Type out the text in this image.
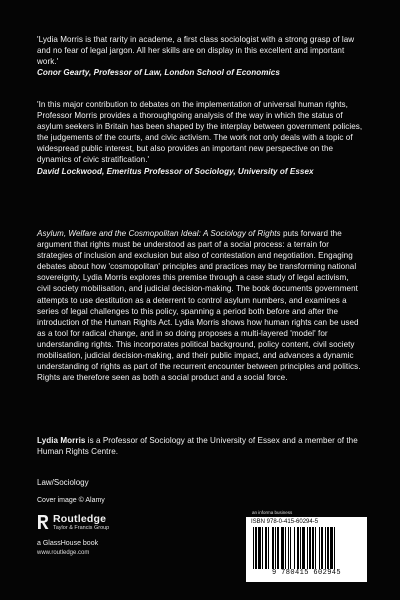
'Lydia Morris is that rarity in academe, a first class sociologist with a strong grasp of law and no fear of legal jargon. All her skills are on display in this excellent and important work.'
Conor Gearty, Professor of Law, London School of Economics
'In this major contribution to debates on the implementation of universal human rights, Professor Morris provides a thoroughgoing analysis of the way in which the status of asylum seekers in Britain has been shaped by the interplay between government policies, the judgements of the courts, and civic activism. The work not only deals with a topic of widespread public interest, but also provides an important new perspective on the dynamics of civic stratification.'
David Lockwood, Emeritus Professor of Sociology, University of Essex
Asylum, Welfare and the Cosmopolitan Ideal: A Sociology of Rights puts forward the argument that rights must be understood as part of a social process: a terrain for strategies of inclusion and exclusion but also of contestation and negotiation. Engaging debates about how 'cosmopolitan' principles and practices may be transforming national sovereignty, Lydia Morris explores this premise through a case study of legal activism, civil society mobilisation, and judicial decision-making. The book documents government attempts to use destitution as a deterrent to control asylum numbers, and examines a series of legal challenges to this policy, spanning a period both before and after the introduction of the Human Rights Act. Lydia Morris shows how human rights can be used as a tool for radical change, and in so doing proposes a multi-layered 'model' for understanding rights. This incorporates political background, policy content, civil society mobilisation, judicial decision-making, and their public impact, and advances a dynamic understanding of rights as part of the recurrent encounter between principles and politics. Rights are therefore seen as both a social product and a social force.
Lydia Morris is a Professor of Sociology at the University of Essex and a member of the Human Rights Centre.
Law/Sociology
Cover image © Alamy
Routledge
Taylor & Francis Group
a GlassHouse book
www.routledge.com
an informa business
ISBN 978-0-415-60294-5
9 780415 602945
